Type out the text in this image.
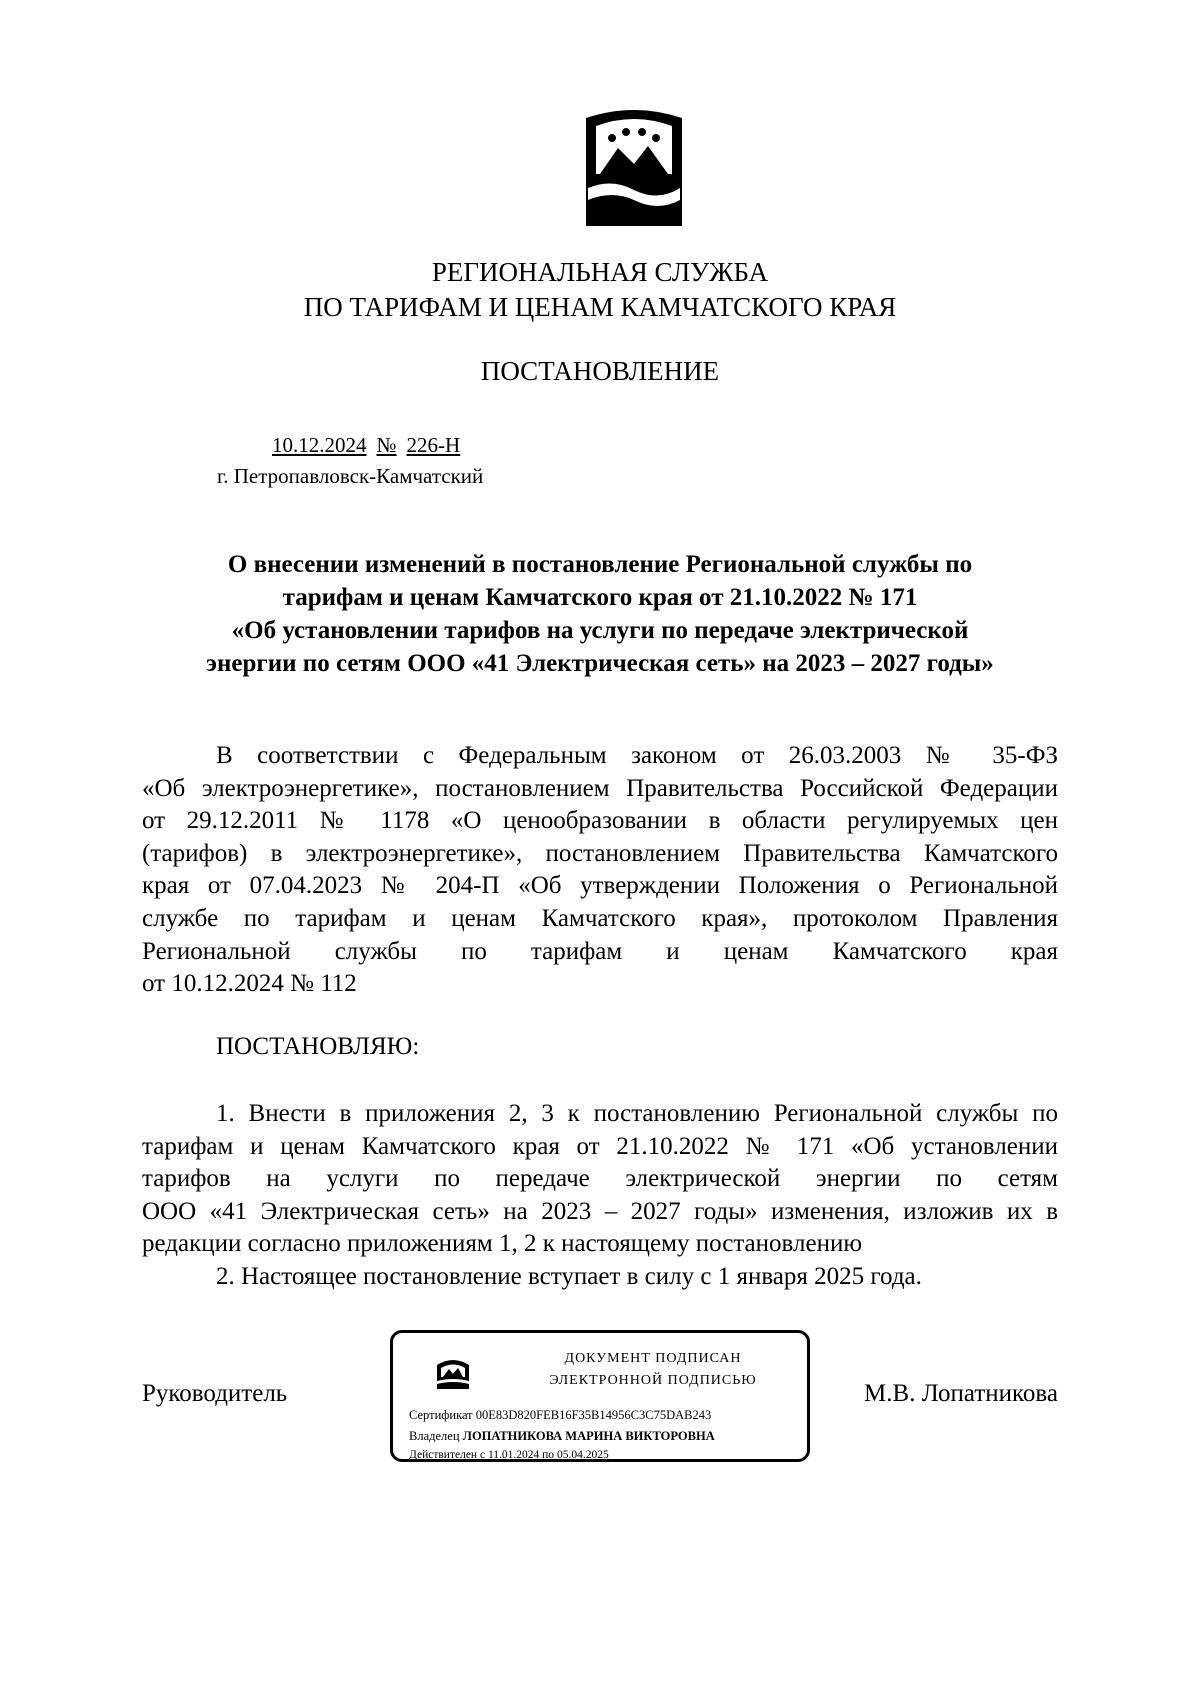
РЕГИОНАЛЬНАЯ СЛУЖБА
ПО ТАРИФАМ И ЦЕНАМ КАМЧАТСКОГО КРАЯ
ПОСТАНОВЛЕНИЕ
10.12.2024 № 226-Н
г. Петропавловск-Камчатский
О внесении изменений в постановление Региональной службы по
тарифам и ценам Камчатского края от 21.10.2022 № 171
«Об установлении тарифов на услуги по передаче электрической
энергии по сетям ООО «41 Электрическая сеть» на 2023 – 2027 годы»
В соответствии с Федеральным законом от 26.03.2003 № 35-ФЗ
«Об электроэнергетике», постановлением Правительства Российской Федерации
от 29.12.2011 № 1178 «О ценообразовании в области регулируемых цен
(тарифов) в электроэнергетике», постановлением Правительства Камчатского
края от 07.04.2023 № 204-П «Об утверждении Положения о Региональной
службе по тарифам и ценам Камчатского края», протоколом Правления
Региональной службы по тарифам и ценам Камчатского края
от 10.12.2024 № 112
ПОСТАНОВЛЯЮ:
1. Внести в приложения 2, 3 к постановлению Региональной службы по
тарифам и ценам Камчатского края от 21.10.2022 № 171 «Об установлении
тарифов на услуги по передаче электрической энергии по сетям
ООО «41 Электрическая сеть» на 2023 – 2027 годы» изменения, изложив их в
редакции согласно приложениям 1, 2 к настоящему постановлению
2. Настоящее постановление вступает в силу с 1 января 2025 года.
Руководитель
ДОКУМЕНТ ПОДПИСАН
ЭЛЕКТРОННОЙ ПОДПИСЬЮ
Сертификат 00E83D820FEB16F35B14956C3C75DAB243
Владелец ЛОПАТНИКОВА МАРИНА ВИКТОРОВНА
Действителен с 11.01.2024 по 05.04.2025
М.В. Лопатникова
